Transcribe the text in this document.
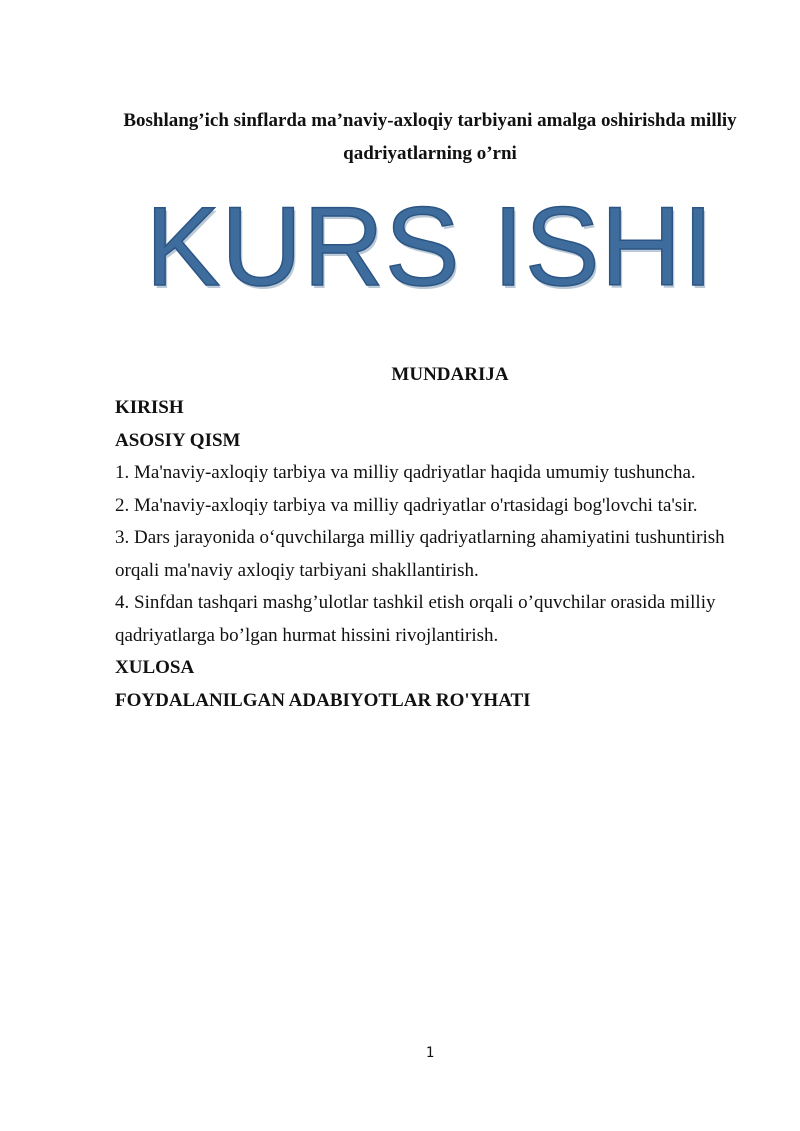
Boshlang’ich sinflarda ma’naviy-axloqiy tarbiyani amalga oshirishda milliy qadriyatlarning o’rni
KURS ISHI
MUNDARIJA
KIRISH
ASOSIY QISM
1. Ma'naviy-axloqiy tarbiya va milliy qadriyatlar haqida umumiy tushuncha.
2. Ma'naviy-axloqiy tarbiya va milliy qadriyatlar o'rtasidagi bog'lovchi ta'sir.
3. Dars jarayonida o‘quvchilarga milliy qadriyatlarning ahamiyatini tushuntirish orqali ma'naviy axloqiy tarbiyani shakllantirish.
4. Sinfdan tashqari mashg’ulotlar tashkil etish orqali o’quvchilar orasida milliy qadriyatlarga bo’lgan hurmat hissini rivojlantirish.
XULOSA
FOYDALANILGAN ADABIYOTLAR RO'YHATI
1
